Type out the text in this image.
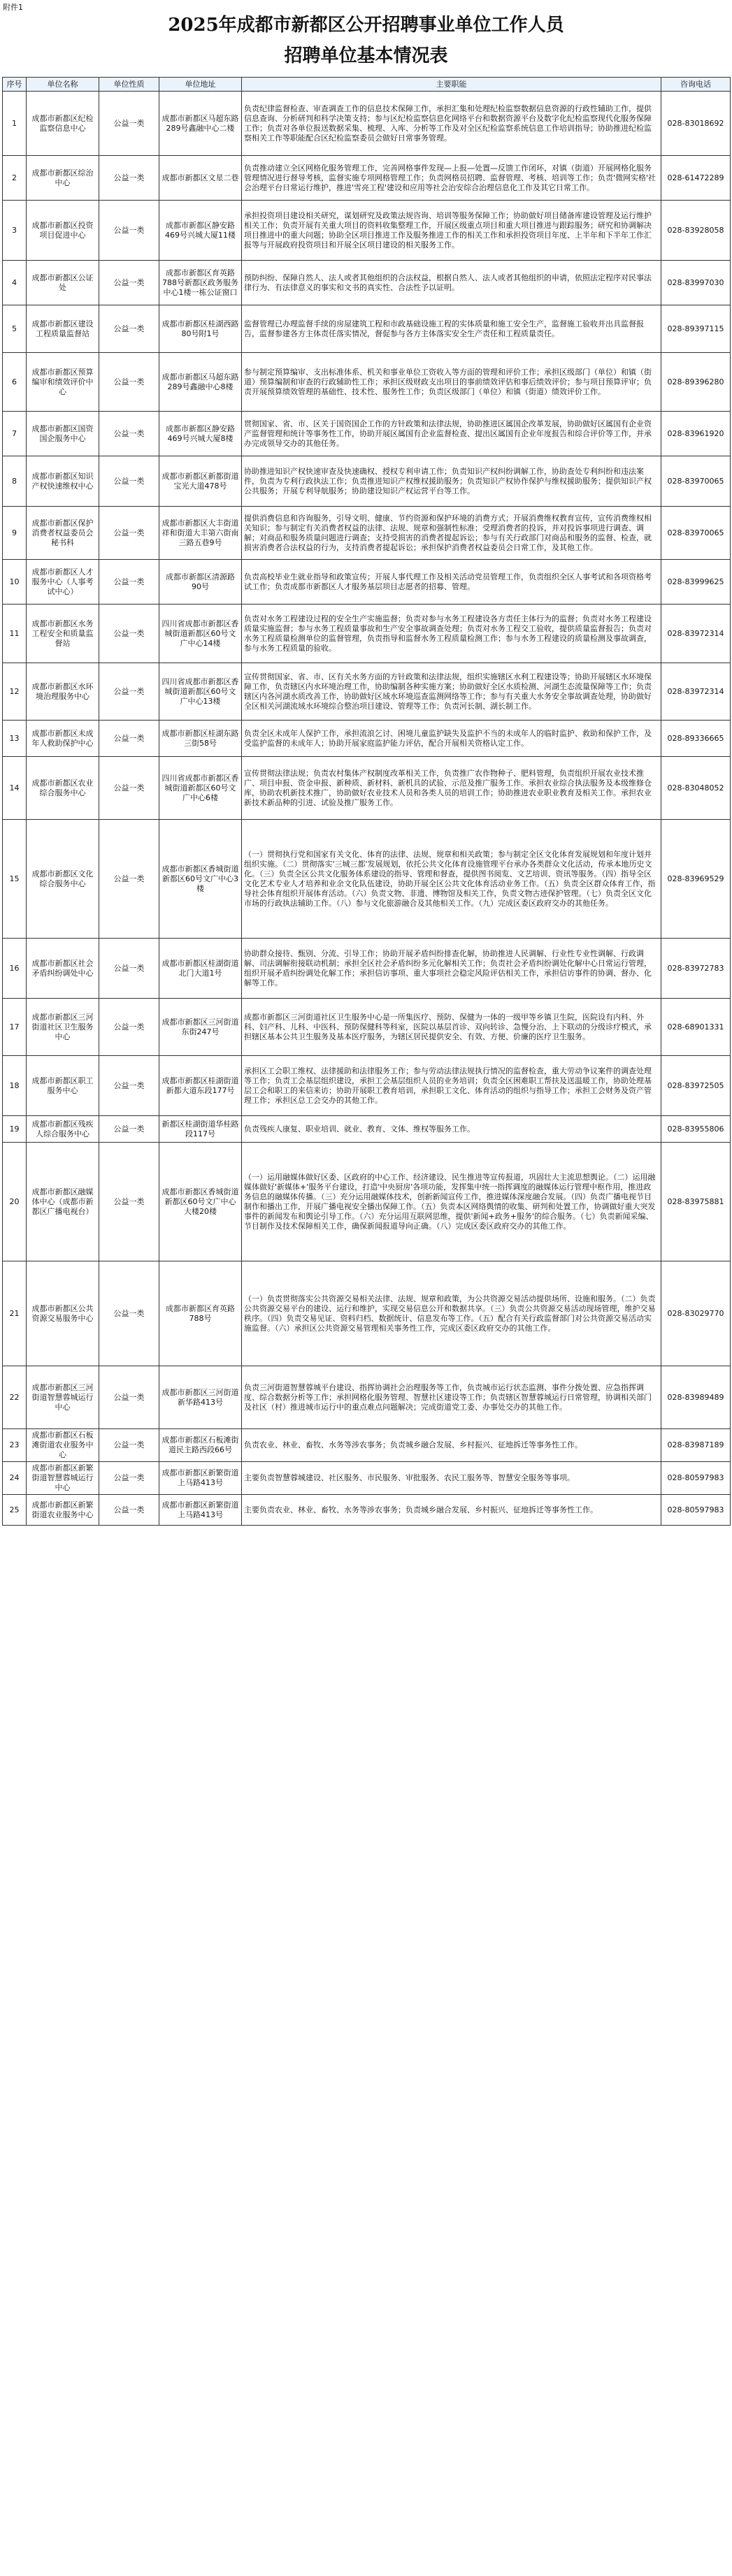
附件1
2025年成都市新都区公开招聘事业单位工作人员
招聘单位基本情况表
序号	单位名称	单位性质	单位地址	主要职能	咨询电话
1	成都市新都区纪检监察信息中心	公益一类	成都市新都区马超东路289号鑫融中心二楼	负责纪律监督检查、审查调查工作的信息技术保障工作，承担汇集和处理纪检监察数据信息资源的行政性辅助工作，提供信息查询、分析研判和科学决策支持；参与区纪检监察信息化网络平台和数据资源平台及数字化纪检监察现代化服务保障工作；负责对各单位报送数据采集、梳理、入库、分析等工作及对全区纪检监察系统信息工作培训指导；协助推进纪检监察相关工作等职能配合区纪检监察委员会做好日常事务管理。	028-83018692
2	成都市新都区综治中心	公益一类	成都市新都区文星二巷	负责推动建立全区网格化服务管理工作，完善网格事件发现—上报—处置—反馈工作闭环，对镇（街道）开展网格化服务管理情况进行督导考核，监督实施专项网格管理工作；负责网格员招聘、监督管理、考核、培训等工作；负责'微网实格'社会治理平台日常运行维护，推进'雪亮工程'建设和应用等社会治安综合治理信息化工作及其它日常工作。	028-61472289
3	成都市新都区投资项目促进中心	公益一类	成都市新都区静安路469号兴城大厦11楼	承担投资项目建设相关研究，谋划研究及政策法规咨询、培训等服务保障工作；协助做好项目储备库建设管理及运行维护相关工作；负责开展有关重大项目的资料收集整理工作，开展区级重点项目和重大项目推进与跟踪服务；研究和协调解决项目推进中的重大问题；协助全区项目推进工作及服务推进工作的相关工作和承担投资项目年度、上半年和下半年工作汇报等与开展政府投资项目和开展全区项目建设的相关服务工作。	028-83928058
4	成都市新都区公证处	公益一类	成都市新都区育英路788号新都区政务服务中心1楼一栋公证窗口	预防纠纷、保障自然人、法人或者其他组织的合法权益，根据自然人、法人或者其他组织的申请，依照法定程序对民事法律行为、有法律意义的事实和文书的真实性、合法性予以证明。	028-83997030
5	成都市新都区建设工程质量监督站	公益一类	成都市新都区桂湖西路80号附1号	监督管理已办理监督手续的房屋建筑工程和市政基础设施工程的实体质量和施工安全生产，监督施工验收并出具监督报告，监督参建各方主体责任落实情况，督促参与各方主体落实安全生产责任和工程质量责任。	028-89397115
6	成都市新都区预算编审和绩效评价中心	公益一类	成都市新都区马超东路289号鑫融中心8楼	参与制定预算编审、支出标准体系、机关和事业单位工资收入等方面的管理和评价工作；承担区级部门（单位）和镇（街道）预算编制和审查的行政辅助性工作；承担区级财政支出项目的事前绩效评估和事后绩效评价；参与项目预算评审；负责开展预算绩效管理的基础性、技术性、服务性工作；负责区级部门（单位）和镇（街道）绩效评价工作。	028-89396280
7	成都市新都区国资国企服务中心	公益一类	成都市新都区静安路469号兴城大厦8楼	贯彻国家、省、市、区关于国资国企工作的方针政策和法律法规，协助推进区属国企改革发展，协助做好区属国有企业资产监督管理和统计等事务性工作，协助开展区属国有企业监督检查、提出区属国有企业年度报告和综合评价等工作，并承办完成领导交办的其他任务。	028-83961920
8	成都市新都区知识产权快速维权中心	公益一类	成都市新都区新都街道宝光大道478号	协助推进知识产权快速审查及快速确权、授权专利申请工作；负责知识产权纠纷调解工作，协助查处专利纠纷和违法案件，负责为专利行政执法工作；负责推进知识产权维权援助服务；负责知识产权协作保护与维权援助服务；提供知识产权公共服务；开展专利导航服务；协助建设知识产权运营平台等工作。	028-83970065
9	成都市新都区保护消费者权益委员会秘书科	公益一类	成都市新都区大丰街道祥和街道大丰第六街南三路五巷9号	提供消费信息和咨询服务，引导文明、健康、节约资源和保护环境的消费方式；开展消费维权教育宣传，宣传消费维权相关知识；参与制定有关消费者权益的法律、法规、规章和强制性标准；受理消费者的投诉，并对投诉事项进行调查、调解；对商品和服务质量问题进行调查；支持受损害的消费者提起诉讼；参与有关行政部门对商品和服务的监督、检查，就损害消费者合法权益的行为，支持消费者提起诉讼；承担保护消费者权益委员会日常工作，及其他工作。	028-83970065
10	成都市新都区人才服务中心（人事考试中心）	公益一类	成都市新都区清源路90号	负责高校毕业生就业指导和政策宣传；开展人事代理工作及相关活动党员管理工作，负责组织全区人事考试和各项资格考试工作；负责成都市新都区人才服务基层项目志愿者的招募、管理。	028-83999625
11	成都市新都区水务工程安全和质量监督站	公益一类	四川省成都市新都区香城街道新都区60号文广中心14楼	负责对水务工程建设过程的安全生产实施监督；负责对参与水务工程建设各方责任主体行为的监督；负责对水务工程建设质量实施监督；参与水务工程质量事故和生产安全事故调查处理；负责对水务工程交工验收，提供质量监督报告；负责对水务工程质量检测单位的监督管理，负责指导和监督水务工程质量检测工作；参与水务工程建设的质量检测及事故调查，参与水务工程质量的验收。	028-83972314
12	成都市新都区水环境治理服务中心	公益一类	四川省成都市新都区香城街道新都区60号文广中心13楼	宣传贯彻国家、省、市、区有关水务方面的方针政策和法律法规，组织实施辖区水利工程建设等；协助开展辖区水环境保障工作，负责辖区内水环境治理工作，协助编制各种实施方案；协助做好全区水质检测、河湖生态流量保障等工作；负责辖区内各河湖水质改善工作，协助做好区域水环境巡查监测网络等工作；参与有关重大水务安全事故调查处理，协助做好全区相关河湖流域水环境综合整治项目建设、管理等工作；负责河长制、湖长制工作。	028-83972314
13	成都市新都区未成年人救助保护中心	公益一类	成都市新都区桂湖东路三街58号	负责全区未成年人保护工作，承担流浪乞讨、困境儿童监护缺失及监护不当的未成年人的临时监护、救助和保护工作，及受监护监督的未成年人；协助开展家庭监护能力评估，配合开展相关资格认定工作。	028-89336665
14	成都市新都区农业综合服务中心	公益一类	四川省成都市新都区香城街道新都区60号文广中心6楼	宣传贯彻法律法规；负责农村集体产权制度改革相关工作，负责推广农作物种子、肥料管理，负责组织开展农业技术推广、项目申报、资金申报、新种质、新材料、新机具的试验、示范及推广服务工作。承担农业综合执法服务及本级维修仓库，协助农机新技术推广，协助做好农业技术人员和各类人员的培训工作；协助推进农业职业教育及相关工作。承担农业新技术新品种的引进、试验及推广服务工作。	028-83048052
15	成都市新都区文化综合服务中心	公益一类	成都市新都区香城街道新都区60号文广中心3楼	（一）贯彻执行党和国家有关文化、体育的法律、法规、规章和相关政策；参与制定全区文化体育发展规划和年度计划并组织实施。（二）贯彻落实'三城三都'发展规划，依托公共文化体育设施管理平台承办各类群众文化活动，传承本地历史文化。（三）负责全区公共文化服务体系建设的指导、管理和督查，提供图书阅览、文艺培训、资讯等服务。（四）指导全区文化艺术专业人才培养和业余文化队伍建设，协助开展全区公共文化体育活动业务工作。（五）负责全区群众体育工作，指导社会体育组织开展体育活动。（六）负责文物、非遗、博物馆及相关工作，负责文物古迹保护管理。（七）负责全区文化市场的行政执法辅助工作。（八）参与文化旅游融合及其他相关工作。（九）完成区委区政府交办的其他任务。	028-83969529
16	成都市新都区社会矛盾纠纷调处中心	公益一类	成都市新都区桂湖街道北门大道1号	协助群众接待、甄别、分流、引导工作；协助开展矛盾纠纷排查化解，协助推进人民调解、行业性专业性调解、行政调解、司法调解衔接联动机制；承担全区社会矛盾纠纷多元化解相关工作；负责社会矛盾纠纷调处化解中心日常运行管理，组织开展矛盾纠纷调处化解工作；承担信访事项、重大事项社会稳定风险评估相关工作，承担信访事件的协调、督办、化解等工作。	028-83972783
17	成都市新都区三河街道社区卫生服务中心	公益一类	成都市新都区三河街道东街247号	成都市新都区三河街道社区卫生服务中心是一所集医疗、预防、保健为一体的一级甲等乡镇卫生院，医院设有内科、外科、妇产科、儿科、中医科、预防保健科等科室，医院以基层首诊、双向转诊、急慢分治、上下联动的分级诊疗模式，承担辖区基本公共卫生服务及基本医疗服务，为辖区居民提供安全、有效、方便、价廉的医疗卫生服务。	028-68901331
18	成都市新都区职工服务中心	公益一类	成都市新都区桂湖街道新都大道东段177号	承担区工会职工维权、法律援助和法律服务工作；参与劳动法律法规执行情况的监督检查，重大劳动争议案件的调查处理等工作；负责工会基层组织建设，承担工会基层组织人员的业务培训；负责全区困难职工帮扶及送温暖工作，协助处理基层工会和职工的来信来访；协助开展职工教育培训，承担职工文化、体育活动的组织与指导工作；承担工会财务及资产管理工作；承担区总工会交办的其他工作。	028-83972505
19	成都市新都区残疾人综合服务中心	公益一类	新都区桂湖街道华桂路段117号	负责残疾人康复、职业培训、就业、教育、文体、维权等服务工作。	028-83955806
20	成都市新都区融媒体中心（成都市新都区广播电视台）	公益一类	成都市新都区香城街道新都区60号文广中心大楼20楼	（一）运用融媒体做好区委、区政府的中心工作、经济建设、民生推进等宣传报道，巩固壮大主流思想舆论。（二）运用融媒体做好'新媒体+'服务平台建设，打造'中央厨房'各项功能，发挥集中统一指挥调度的融媒体运行管理中枢作用，推进政务信息的融媒体传播。（三）充分运用融媒体技术，创新新闻宣传工作，推进媒体深度融合发展。（四）负责广播电视节目制作和播出工作，开展广播电视安全播出保障工作。（五）负责本区网络舆情的收集、研判和处置工作，协调做好重大突发事件的新闻发布和舆论引导工作。（六）充分运用互联网思维，提供'新闻+政务+服务'的综合服务。（七）负责新闻采编、节目制作及技术保障相关工作，确保新闻报道导向正确。（八）完成区委区政府交办的其他工作。	028-83975881
21	成都市新都区公共资源交易服务中心	公益一类	成都市新都区育英路788号	（一）负责贯彻落实公共资源交易相关法律、法规、规章和政策，为公共资源交易活动提供场所、设施和服务。（二）负责公共资源交易平台的建设、运行和维护，实现交易信息公开和数据共享。（三）负责公共资源交易活动现场管理，维护交易秩序。（四）负责交易见证、资料归档、数据统计、信息发布等工作。（五）配合有关行政监督部门对公共资源交易活动实施监督。（六）承担区公共资源交易管理相关事务性工作，完成区委区政府交办的其他工作。	028-83029770
22	成都市新都区三河街道智慧蓉城运行中心	公益一类	成都市新都区三河街道新华路413号	负责三河街道智慧蓉城平台建设、指挥协调社会治理服务等工作，负责城市运行状态监测、事件分拨处置、应急指挥调度、综合数据分析等工作；承担网格化服务管理、智慧社区建设等工作；负责辖区智慧蓉城运行日常管理，协调相关部门及社区（村）推进城市运行中的重点难点问题解决；完成街道党工委、办事处交办的其他工作。	028-83989489
23	成都市新都区石板滩街道农业服务中心	公益一类	成都市新都区石板滩街道民主路西段66号	负责农业、林业、畜牧、水务等涉农事务；负责城乡融合发展、乡村振兴、征地拆迁等事务性工作。	028-83987189
24	成都市新都区新繁街道智慧蓉城运行中心	公益一类	成都市新都区新繁街道上马路413号	主要负责智慧蓉城建设、社区服务、市民服务、审批服务、农民工服务等、智慧安全服务等事项。	028-80597983
25	成都市新都区新繁街道农业服务中心	公益一类	成都市新都区新繁街道上马路413号	主要负责农业、林业、畜牧、水务等涉农事务；负责城乡融合发展、乡村振兴、征地拆迁等事务性工作。	028-80597983
